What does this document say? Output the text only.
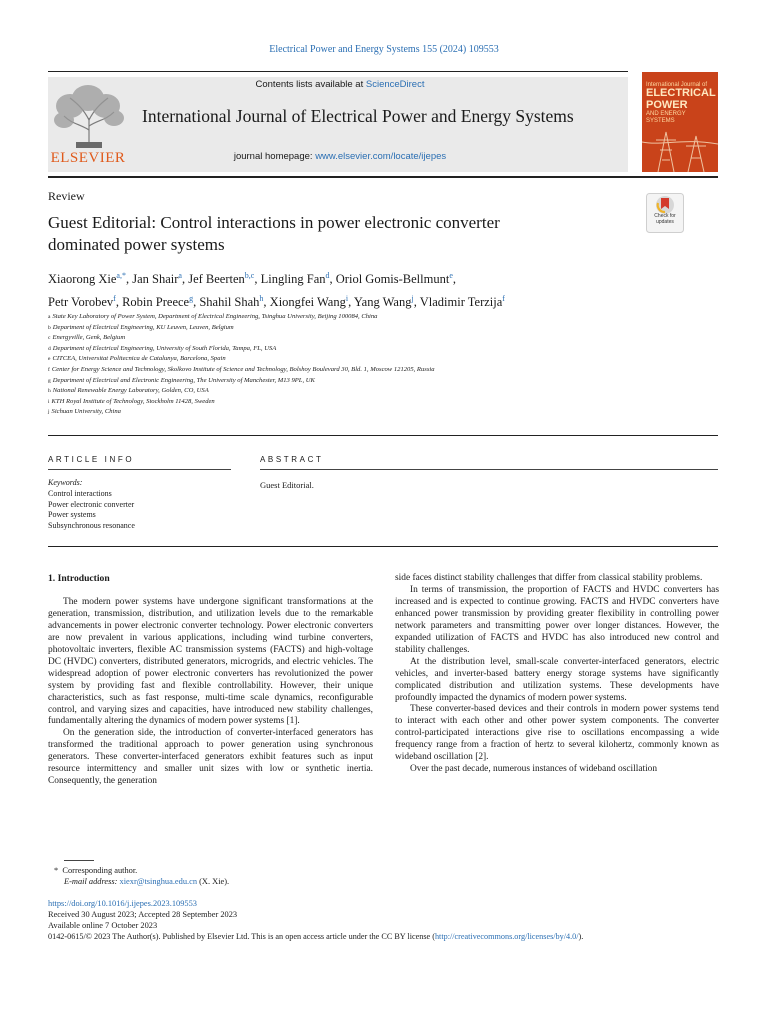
Electrical Power and Energy Systems 155 (2024) 109553
ELSEVIER
Contents lists available at ScienceDirect
International Journal of Electrical Power and Energy Systems
journal homepage: www.elsevier.com/locate/ijepes
International Journal of
ELECTRICAL
POWER
AND ENERGY
SYSTEMS
Review
Guest Editorial: Control interactions in power electronic converter
dominated power systems
Check for
updates
Xiaorong Xie$^{a,*}$, Jan Shair$^a$, Jef Beerten$^{b,c}$, Lingling Fan$^d$, Oriol Gomis-Bellmunt$^e$,
Petr Vorobev$^f$, Robin Preece$^g$, Shahil Shah$^h$, Xiongfei Wang$^i$, Yang Wang$^j$, Vladimir Terzija$^f$
$^a$ State Key Laboratory of Power System, Department of Electrical Engineering, Tsinghua University, Beijing 100084, China
$^b$ Department of Electrical Engineering, KU Leuven, Leuven, Belgium
$^c$ Energyville, Genk, Belgium
$^d$ Department of Electrical Engineering, University of South Florida, Tampa, FL, USA
$^e$ CITCEA, Universitat Politecnica de Catalunya, Barcelona, Spain
$^f$ Center for Energy Science and Technology, Skolkovo Institute of Science and Technology, Bolshoy Boulevard 30, Bld. 1, Moscow 121205, Russia
$^g$ Department of Electrical and Electronic Engineering, The University of Manchester, M13 9PL, UK
$^h$ National Renewable Energy Laboratory, Golden, CO, USA
$^i$ KTH Royal Institute of Technology, Stockholm 11428, Sweden
$^j$ Sichuan University, China
ARTICLE INFO	ABSTRACT
Keywords:
Control interactions
Power electronic converter
Power systems
Subsynchronous resonance
Guest Editorial.
1. Introduction

The modern power systems have undergone significant transformations at the generation, transmission, distribution, and utilization levels due to the remarkable advancements in power electronic converter technology. Power electronic converters are now prevalent in various applications, including wind turbine converters, photovoltaic inverters, flexible AC transmission systems (FACTS) and high-voltage DC (HVDC) converters, distributed generators, microgrids, and electric vehicles. The widespread adoption of power electronic converters has revolutionized the power system by providing fast and flexible controllability. However, their unique characteristics, such as fast response, multi-time scale dynamics, reconfigurable control, and varying sizes and capacities, have introduced new stability challenges, fundamentally altering the dynamics of modern power systems [1].

On the generation side, the introduction of converter-interfaced generators has transformed the traditional approach to power generation using synchronous generators. These converter-interfaced generators exhibit features such as input resource intermittency and smaller unit sizes with low or synthetic inertia. Consequently, the generation

side faces distinct stability challenges that differ from classical stability problems.

In terms of transmission, the proportion of FACTS and HVDC converters has increased and is expected to continue growing. FACTS and HVDC converters have enhanced power transmission by providing greater flexibility in controlling power network parameters and transmitting power over longer distances. However, the expanded utilization of FACTS and HVDC has also introduced new control and stability challenges.

At the distribution level, small-scale converter-interfaced generators, electric vehicles, and inverter-based battery energy storage systems have significantly complicated distribution and utilization systems. These developments have profoundly impacted the dynamics of modern power systems.

These converter-based devices and their controls in modern power systems tend to interact with each other and other power system components. The converter control-participated interactions give rise to oscillations encompassing a wide frequency range from a fraction of hertz to several kilohertz, commonly known as wideband oscillation [2].

Over the past decade, numerous instances of wideband oscillation

* Corresponding author.
E-mail address: xiexr@tsinghua.edu.cn (X. Xie).
https://doi.org/10.1016/j.ijepes.2023.109553
Received 30 August 2023; Accepted 28 September 2023
Available online 7 October 2023
0142-0615/© 2023 The Author(s). Published by Elsevier Ltd. This is an open access article under the CC BY license (http://creativecommons.org/licenses/by/4.0/).
